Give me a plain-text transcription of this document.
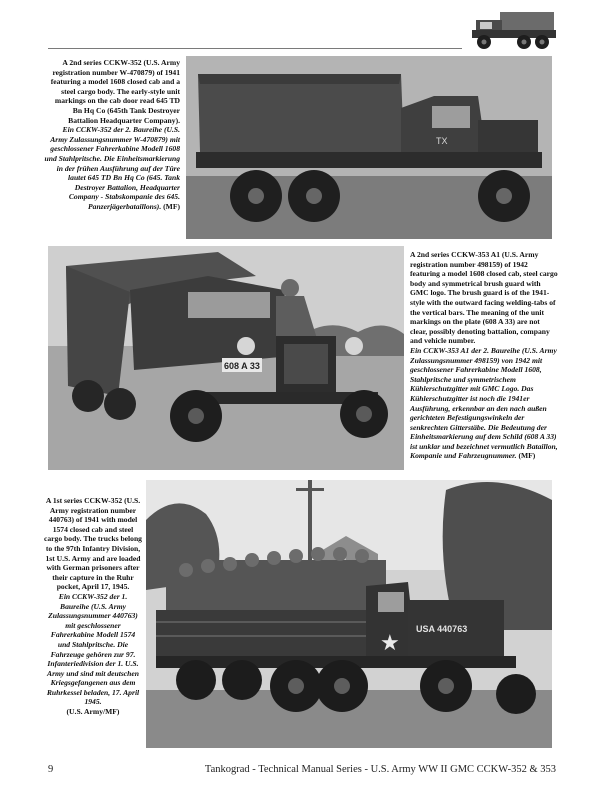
TX

A 2nd series CCKW-352 (U.S. Army registration number W-470879) of 1941 featuring a model 1608 closed cab and a steel cargo body. The early-style unit markings on the cab door read 645 TD Bn Hq Co (645th Tank Destroyer Battalion Headquarter Company).

Ein CCKW-352 der 2. Baureihe (U.S. Army Zulassungsnummer W-470879) mit geschlossener Fahrerkabine Modell 1608 und Stahlpritsche. Die Einheitsmarkierung in der frühen Ausführung auf der Türe lautet 645 TD Bn Hq Co (645. Tank Destroyer Battalion, Headquarter Company - Stabskompanie des 645. Panzerjägerbataillons). (MF)
608 A 33

A 2nd series CCKW-353 A1 (U.S. Army registration number 498159) of 1942 featuring a model 1608 closed cab, steel cargo body and symmetrical brush guard with GMC logo. The brush guard is of the 1941-style with the outward facing welding-tabs of the vertical bars. The meaning of the unit markings on the plate (608 A 33) are not clear, possibly denoting battalion, company and vehicle number.

Ein CCKW-353 A1 der 2. Baureihe (U.S. Army Zulassungsnummer 498159) von 1942 mit geschlossener Fahrerkabine Modell 1608, Stahlpritsche und symmetrischem Kühlerschutzgitter mit GMC Logo. Das Kühlerschutzgitter ist noch die 1941er Ausführung, erkennbar an den nach außen gerichteten Befestigungswinkeln der senkrechten Gitterstäbe. Die Bedeutung der Einheitsmarkierung auf dem Schild (608 A 33) ist unklar und bezeichnet vermutlich Bataillon, Kompanie und Fahrzeugnummer. (MF)
★
USA 440763

A 1st series CCKW-352 (U.S. Army registration number 440763) of 1941 with model 1574 closed cab and steel cargo body. The trucks belong to the 97th Infantry Division, 1st U.S. Army and are loaded with German prisoners after their capture in the Ruhr pocket, April 17, 1945.

Ein CCKW-352 der 1. Baureihe (U.S. Army Zulassungsnummer 440763) mit geschlossener Fahrerkabine Modell 1574 und Stahlpritsche. Die Fahrzeuge gehören zur 97. Infanteriedivision der 1. U.S. Army und sind mit deutschen Kriegsgefangenen aus dem Ruhrkessel beladen, 17. April 1945.

(U.S. Army/MF)

9	Tankograd - Technical Manual Series - U.S. Army WW II GMC CCKW-352 & 353
